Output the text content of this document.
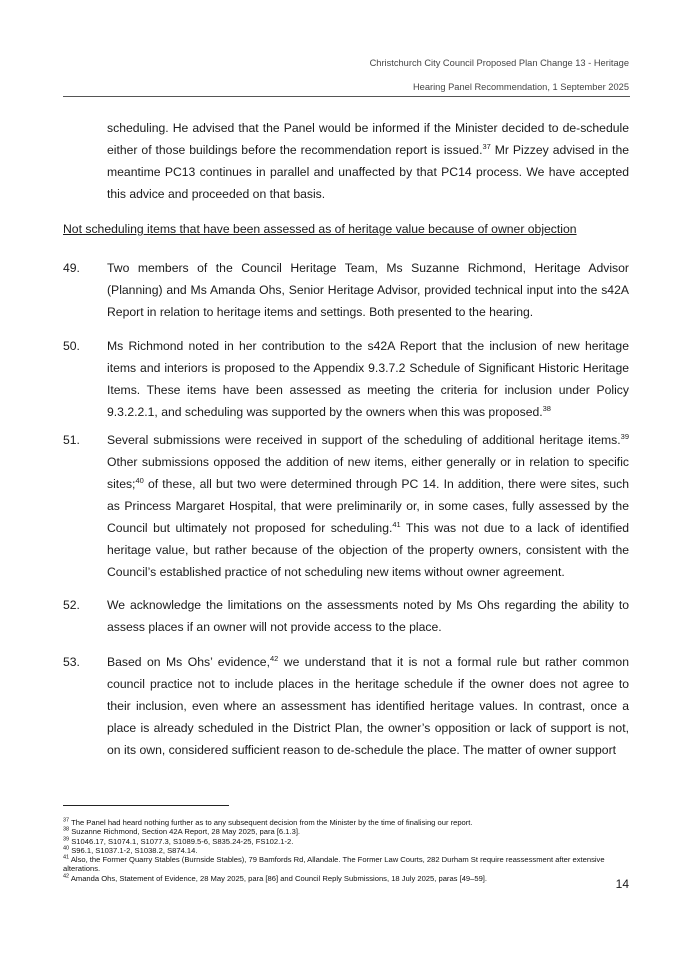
Christchurch City Council Proposed Plan Change 13 - Heritage
Hearing Panel Recommendation, 1 September 2025

scheduling. He advised that the Panel would be informed if the Minister decided to de-schedule either of those buildings before the recommendation report is issued.$^{37}$ Mr Pizzey advised in the meantime PC13 continues in parallel and unaffected by that PC14 process. We have accepted this advice and proceeded on that basis.

Not scheduling items that have been assessed as of heritage value because of owner objection

49. Two members of the Council Heritage Team, Ms Suzanne Richmond, Heritage Advisor (Planning) and Ms Amanda Ohs, Senior Heritage Advisor, provided technical input into the s42A Report in relation to heritage items and settings. Both presented to the hearing.

50. Ms Richmond noted in her contribution to the s42A Report that the inclusion of new heritage items and interiors is proposed to the Appendix 9.3.7.2 Schedule of Significant Historic Heritage Items. These items have been assessed as meeting the criteria for inclusion under Policy 9.3.2.2.1, and scheduling was supported by the owners when this was proposed.$^{38}$

51. Several submissions were received in support of the scheduling of additional heritage items.$^{39}$ Other submissions opposed the addition of new items, either generally or in relation to specific sites;$^{40}$ of these, all but two were determined through PC 14. In addition, there were sites, such as Princess Margaret Hospital, that were preliminarily or, in some cases, fully assessed by the Council but ultimately not proposed for scheduling.$^{41}$ This was not due to a lack of identified heritage value, but rather because of the objection of the property owners, consistent with the Council’s established practice of not scheduling new items without owner agreement.

52. We acknowledge the limitations on the assessments noted by Ms Ohs regarding the ability to assess places if an owner will not provide access to the place.

53. Based on Ms Ohs’ evidence,$^{42}$ we understand that it is not a formal rule but rather common council practice not to include places in the heritage schedule if the owner does not agree to their inclusion, even where an assessment has identified heritage values. In contrast, once a place is already scheduled in the District Plan, the owner’s opposition or lack of support is not, on its own, considered sufficient reason to de-schedule the place. The matter of owner support

$^{37}$ The Panel had heard nothing further as to any subsequent decision from the Minister by the time of finalising our report.

$^{38}$ Suzanne Richmond, Section 42A Report, 28 May 2025, para [6.1.3].

$^{39}$ S1046.17, S1074.1, S1077.3, S1089.5-6, S835.24-25, FS102.1-2.

$^{40}$ S96.1, S1037.1-2, S1038.2, S874.14.

$^{41}$ Also, the Former Quarry Stables (Burnside Stables), 79 Bamfords Rd, Allandale. The Former Law Courts, 282 Durham St require reassessment after extensive alterations.

$^{42}$ Amanda Ohs, Statement of Evidence, 28 May 2025, para [86] and Council Reply Submissions, 18 July 2025, paras [49–59].	14
